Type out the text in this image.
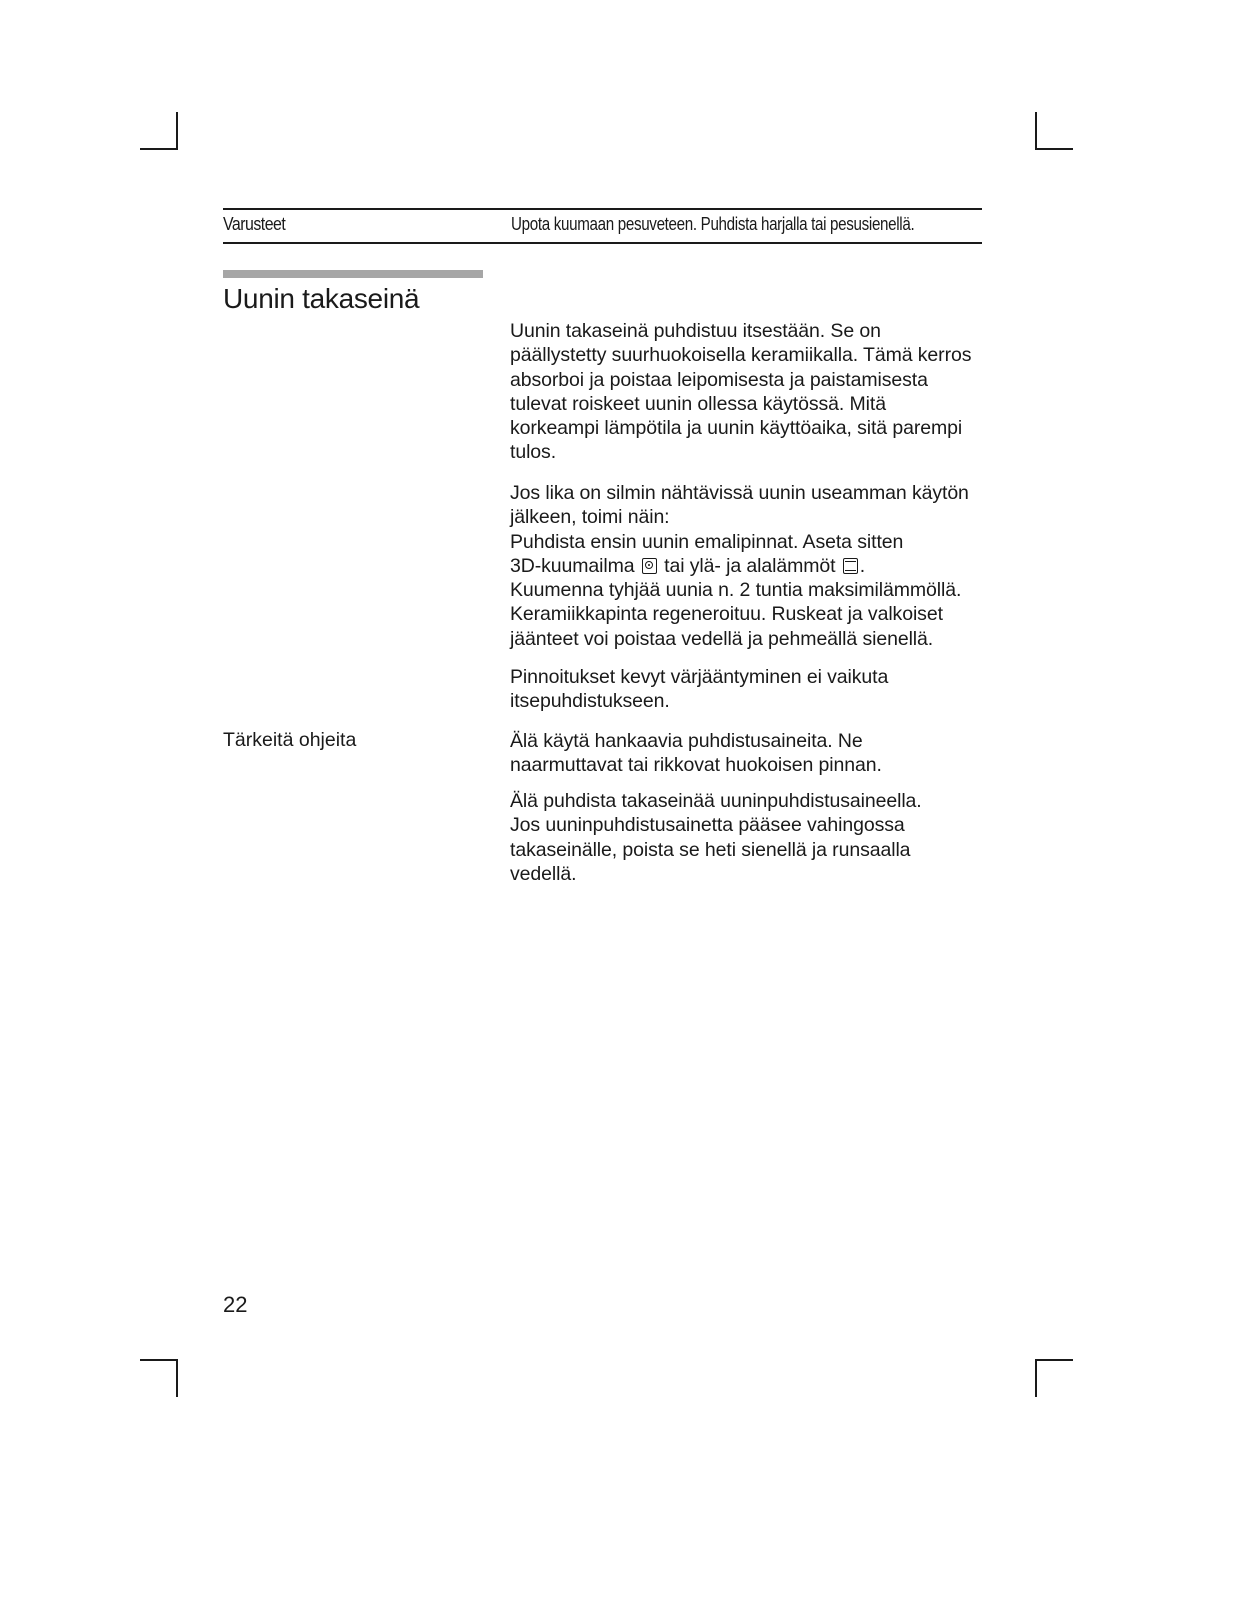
Varusteet	Upota kuumaan pesuveteen. Puhdista harjalla tai pesusienellä.
Uunin takaseinä

Uunin takaseinä puhdistuu itsestään. Se on
päällystetty suurhuokoisella keramiikalla. Tämä kerros
absorboi ja poistaa leipomisesta ja paistamisesta
tulevat roiskeet uunin ollessa käytössä. Mitä
korkeampi lämpötila ja uunin käyttöaika, sitä parempi
tulos.

Jos lika on silmin nähtävissä uunin useamman käytön
jälkeen, toimi näin:
Puhdista ensin uunin emalipinnat. Aseta sitten
3D-kuumailma tai ylä- ja alalämmöt .
Kuumenna tyhjää uunia n. 2 tuntia maksimilämmöllä.
Keramiikkapinta regeneroituu. Ruskeat ja valkoiset
jäänteet voi poistaa vedellä ja pehmeällä sienellä.

Pinnoitukset kevyt värjääntyminen ei vaikuta
itsepuhdistukseen.

Tärkeitä ohjeita	Älä käytä hankaavia puhdistusaineita. Ne
naarmuttavat tai rikkovat huokoisen pinnan.

Älä puhdista takaseinää uuninpuhdistusaineella.
Jos uuninpuhdistusainetta pääsee vahingossa
takaseinälle, poista se heti sienellä ja runsaalla
vedellä.

22
